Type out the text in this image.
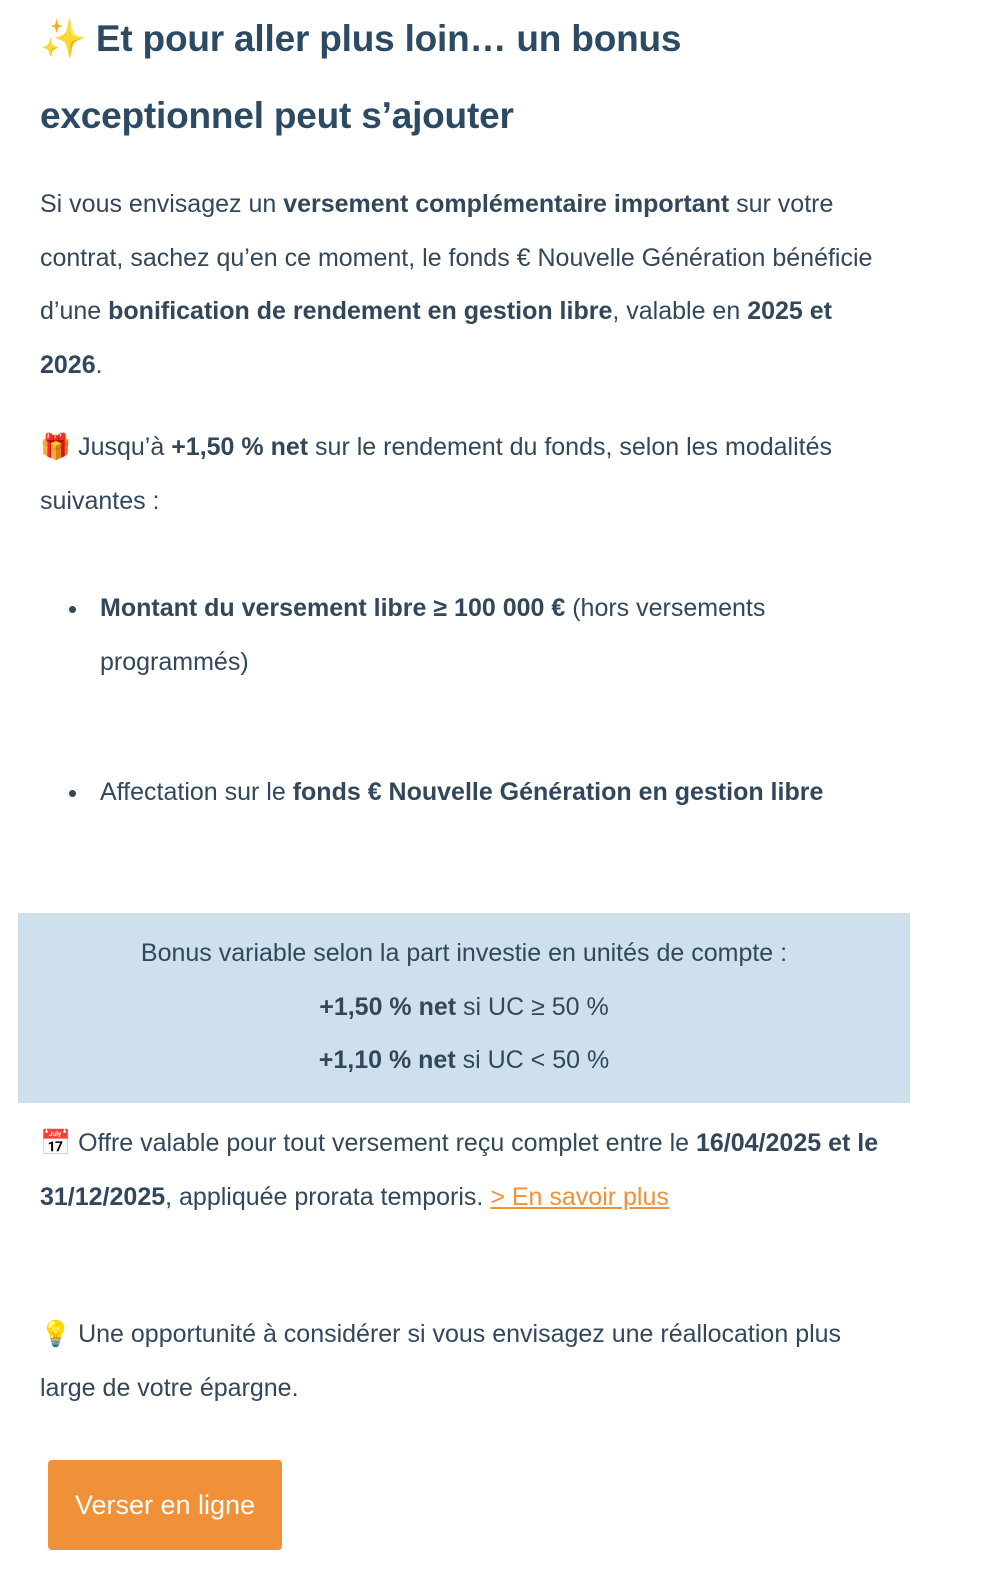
✨ Et pour aller plus loin… un bonus exceptionnel peut s’ajouter

Si vous envisagez un versement complémentaire important sur votre contrat, sachez qu’en ce moment, le fonds € Nouvelle Génération bénéficie d’une bonification de rendement en gestion libre, valable en 2025 et 2026.

🎁 Jusqu’à +1,50 % net sur le rendement du fonds, selon les modalités suivantes :

Montant du versement libre ≥ 100 000 € (hors versements programmés)
Affectation sur le fonds € Nouvelle Génération en gestion libre
Bonus variable selon la part investie en unités de compte :
+1,50 % net si UC ≥ 50 %
+1,10 % net si UC < 50 %

📅 Offre valable pour tout versement reçu complet entre le 16/04/2025 et le 31/12/2025, appliquée prorata temporis. > En savoir plus

💡 Une opportunité à considérer si vous envisagez une réallocation plus large de votre épargne.

Verser en ligne
